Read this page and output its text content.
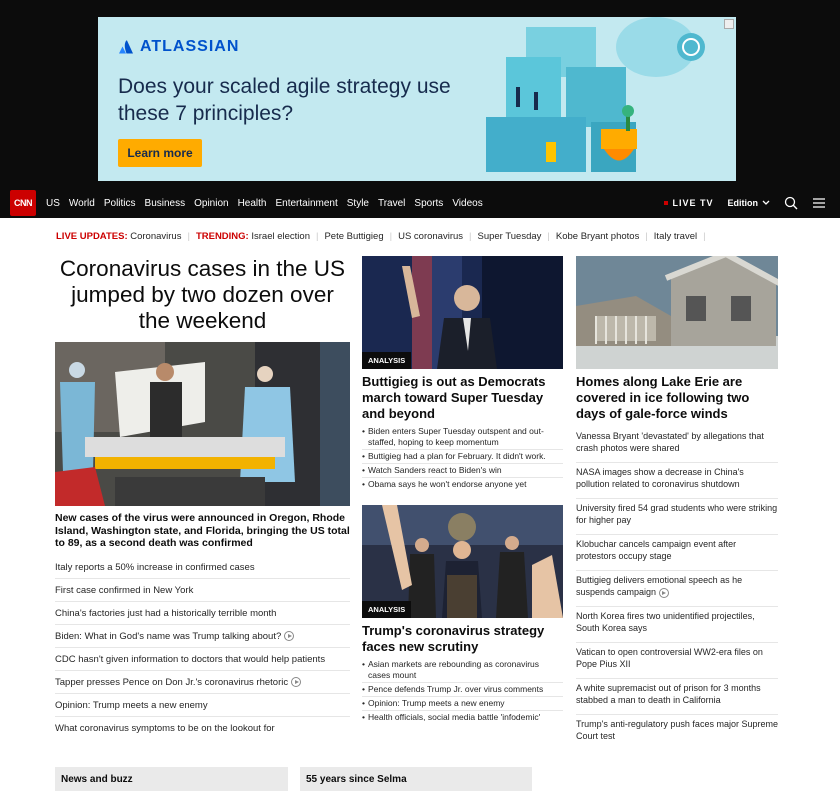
ATLASSIAN
Does your scaled agile strategy use these 7 principles?
Learn more
CNN	US World Politics Business Opinion Health Entertainment Style Travel Sports Videos	LIVE TV Edition
LIVE UPDATES:
Coronavirus | TRENDING:
Israel election | Pete Buttigieg | US coronavirus | Super Tuesday | Kobe Bryant photos | Italy travel |
Coronavirus cases in the US jumped by two dozen over the weekend
New cases of the virus were announced in Oregon, Rhode Island, Washington state, and Florida, bringing the US total to 89, as a second death was confirmed
Italy reports a 50% increase in confirmed cases
First case confirmed in New York
China's factories just had a historically terrible month
Biden: What in God's name was Trump talking about?
CDC hasn't given information to doctors that would help patients
Tapper presses Pence on Don Jr.'s coronavirus rhetoric
Opinion: Trump meets a new enemy
What coronavirus symptoms to be on the lookout for
ANALYSIS
Buttigieg is out as Democrats march toward Super Tuesday and beyond
• Biden enters Super Tuesday outspent and out-staffed, hoping to keep momentum
• Buttigieg had a plan for February. It didn't work.
• Watch Sanders react to Biden's win
• Obama says he won't endorse anyone yet
ANALYSIS
Trump's coronavirus strategy faces new scrutiny
• Asian markets are rebounding as coronavirus cases mount
• Pence defends Trump Jr. over virus comments
• Opinion: Trump meets a new enemy
• Health officials, social media battle 'infodemic'
Homes along Lake Erie are covered in ice following two days of gale-force winds
Vanessa Bryant 'devastated' by allegations that crash photos were shared
NASA images show a decrease in China's pollution related to coronavirus shutdown
University fired 54 grad students who were striking for higher pay
Klobuchar cancels campaign event after protestors occupy stage
Buttigieg delivers emotional speech as he suspends campaign
North Korea fires two unidentified projectiles, South Korea says
Vatican to open controversial WW2-era files on Pope Pius XII
A white supremacist out of prison for 3 months stabbed a man to death in California
Trump's anti-regulatory push faces major Supreme Court test
News and buzz	55 years since Selma
